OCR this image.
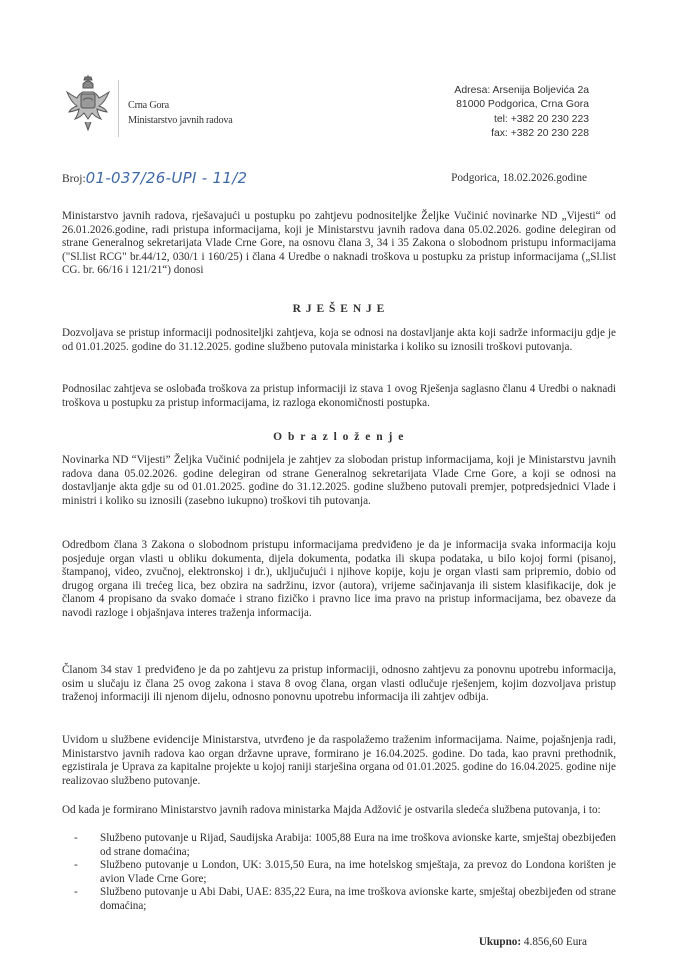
Crna Gora
Ministarstvo javnih radova
Adresa: Arsenija Boljevića 2a
81000 Podgorica, Crna Gora
tel: +382 20 230 223
fax: +382 20 230 228
Broj:01-037/26-UPI - 11/2	Podgorica, 18.02.2026.godine

Ministarstvo javnih radova, rješavajući u postupku po zahtjevu podnositeljke Željke Vučinić novinarke ND „Vijesti“ od 26.01.2026.godine, radi pristupa informacijama, koji je Ministarstvu javnih radova dana 05.02.2026. godine delegiran od strane Generalnog sekretarijata Vlade Crne Gore, na osnovu člana 3, 34 i 35 Zakona o slobodnom pristupu informacijama ("Sl.list RCG" br.44/12, 030/1 i 160/25) i člana 4 Uredbe o naknadi troškova u postupku za pristup informacijama („Sl.list CG. br. 66/16 i 121/21“) donosi

R J E Š E N J E

Dozvoljava se pristup informaciji podnositeljki zahtjeva, koja se odnosi na dostavljanje akta koji sadrže informaciju gdje je od 01.01.2025. godine do 31.12.2025. godine službeno putovala ministarka i koliko su iznosili troškovi putovanja.

Podnosilac zahtjeva se oslobađa troškova za pristup informaciji iz stava 1 ovog Rješenja saglasno članu 4 Uredbi o naknadi troškova u postupku za pristup informacijama, iz razloga ekonomičnosti postupka.

O b r a z l o ž e n j e

Novinarka ND “Vijesti” Željka Vučinić podnijela je zahtjev za slobodan pristup informacijama, koji je Ministarstvu javnih radova dana 05.02.2026. godine delegiran od strane Generalnog sekretarijata Vlade Crne Gore, a koji se odnosi na dostavljanje akta gdje su od 01.01.2025. godine do 31.12.2025. godine službeno putovali premjer, potpredsjednici Vlade i ministri i koliko su iznosili (zasebno iukupno) troškovi tih putovanja.

Odredbom člana 3 Zakona o slobodnom pristupu informacijama predviđeno je da je informacija svaka informacija koju posjeduje organ vlasti u obliku dokumenta, dijela dokumenta, podatka ili skupa podataka, u bilo kojoj formi (pisanoj, štampanoj, video, zvučnoj, elektronskoj i dr.), uključujući i njihove kopije, koju je organ vlasti sam pripremio, dobio od drugog organa ili trećeg lica, bez obzira na sadržinu, izvor (autora), vrijeme sačinjavanja ili sistem klasifikacije, dok je članom 4 propisano da svako domaće i strano fizičko i pravno lice ima pravo na pristup informacijama, bez obaveze da navodi razloge i objašnjava interes traženja informacija.

Članom 34 stav 1 predviđeno je da po zahtjevu za pristup informaciji, odnosno zahtjevu za ponovnu upotrebu informacija, osim u slučaju iz člana 25 ovog zakona i stava 8 ovog člana, organ vlasti odlučuje rješenjem, kojim dozvoljava pristup traženoj informaciji ili njenom dijelu, odnosno ponovnu upotrebu informacija ili zahtjev odbija.

Uvidom u službene evidencije Ministarstva, utvrđeno je da raspolažemo traženim informacijama. Naime, pojašnjenja radi, Ministarstvo javnih radova kao organ državne uprave, formirano je 16.04.2025. godine. Do tada, kao pravni prethodnik, egzistirala je Uprava za kapitalne projekte u kojoj raniji starješina organa od 01.01.2025. godine do 16.04.2025. godine nije realizovao službeno putovanje.

Od kada je formirano Ministarstvo javnih radova ministarka Majda Adžović je ostvarila sledeća službena putovanja, i to:

- Službeno putovanje u Rijad, Saudijska Arabija: 1005,88 Eura na ime troškova avionske karte, smještaj obezbijeđen od strane domaćina;
- Službeno putovanje u London, UK: 3.015,50 Eura, na ime hotelskog smještaja, za prevoz do Londona korišten je avion Vlade Crne Gore;
- Službeno putovanje u Abi Dabi, UAE: 835,22 Eura, na ime troškova avionske karte, smještaj obezbijeđen od strane domaćina;
Ukupno: 4.856,60 Eura
